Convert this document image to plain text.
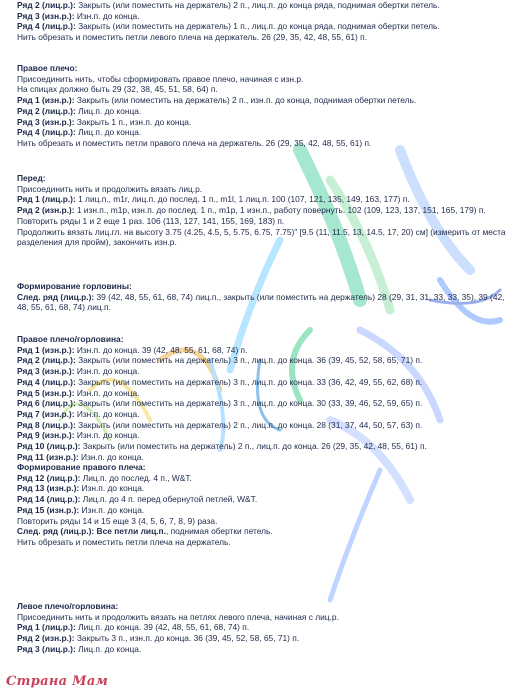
Ряд 2 (лиц.р.): Закрыть (или поместить на держатель) 2 п., лиц.п. до конца ряда, поднимая обертки петель.
Ряд 3 (изн.р.): Изн.п. до конца.
Ряд 4 (лиц.р.): Закрыть (или поместить на держатель) 1 п., лиц.п. до конца ряда, поднимая обертки петель.
Нить обрезать и поместить петли левого плеча на держатель. 26 (29, 35, 42, 48, 55, 61) п.
Правое плечо:
Присоединить нить, чтобы сформировать правое плечо, начиная с изн.р.
На спицах должно быть 29 (32, 38, 45, 51, 58, 64) п.
Ряд 1 (изн.р.): Закрыть (или поместить на держатель) 2 п., изн.п. до конца, поднимая обертки петель.
Ряд 2 (лиц.р.): Лиц.п. до конца.
Ряд 3 (изн.р.): Закрыть 1 п., изн.п. до конца.
Ряд 4 (лиц.р.): Лиц.п. до конца.
Нить обрезать и поместить петли правого плеча на держатель. 26 (29, 35, 42, 48, 55, 61) п.
Перед:
Присоединить нить и продолжить вязать лиц.р.
Ряд 1 (лиц.р.): 1 лиц.п., m1r, лиц.п. до послед. 1 п., m1l, 1 лиц.п. 100 (107, 121, 135, 149, 163, 177) п.
Ряд 2 (изн.р.): 1 изн.п., m1p, изн.п. до послед. 1 п., m1p, 1 изн.п., работу повернуть. 102 (109, 123, 137, 151, 165, 179) п.
Повторить ряды 1 и 2 еще 1 раз. 106 (113, 127, 141, 155, 169, 183) п.
Продолжить вязать лиц.гл. на высоту 3.75 (4.25, 4.5, 5, 5.75, 6.75, 7.75)" [9.5 (11, 11.5, 13, 14.5, 17, 20) см] (измерить от места разделения для пройм), закончить изн.р.
Формирование горловины:
След. ряд (лиц.р.): 39 (42, 48, 55, 61, 68, 74) лиц.п., закрыть (или поместить на держатель) 28 (29, 31, 31, 33, 33, 35), 39 (42, 48, 55, 61, 68, 74) лиц.п.
Правое плечо/горловина:
Ряд 1 (изн.р.): Изн.п. до конца. 39 (42, 48, 55, 61, 68, 74) п.
Ряд 2 (лиц.р.): Закрыть (или поместить на держатель) 3 п., лиц.п. до конца. 36 (39, 45, 52, 58, 65, 71) п.
Ряд 3 (изн.р.): Изн.п. до конца.
Ряд 4 (лиц.р.): Закрыть (или поместить на держатель) 3 п., лиц.п. до конца. 33 (36, 42, 49, 55, 62, 68) п.
Ряд 5 (изн.р.): Изн.п. до конца.
Ряд 6 (лиц.р.): Закрыть (или поместить на держатель) 3 п., лиц.п. до конца. 30 (33, 39, 46, 52, 59, 65) п.
Ряд 7 (изн.р.): Изн.п. до конца.
Ряд 8 (лиц.р.): Закрыть (или поместить на держатель) 2 п., лиц.п. до конца. 28 (31, 37, 44, 50, 57, 63) п.
Ряд 9 (изн.р.): Изн.п. до конца.
Ряд 10 (лиц.р.): Закрыть (или поместить на держатель) 2 п., лиц.п. до конца. 26 (29, 35, 42, 48, 55, 61) п.
Ряд 11 (изн.р.): Изн.п. до конца.
Формирование правого плеча:
Ряд 12 (лиц.р.): Лиц.п. до послед. 4 п., W&T.
Ряд 13 (изн.р.): Изн.п. до конца.
Ряд 14 (лиц.р.): Лиц.п. до 4 п. перед обернутой петлей, W&T.
Ряд 15 (изн.р.): Изн.п. до конца.
Повторить ряды 14 и 15 еще 3 (4, 5, 6, 7, 8, 9) раза.
След. ряд (лиц.р.): Все петли лиц.п., поднимая обертки петель.
Нить обрезать и поместить петли плеча на держатель.
Левое плечо/горловина:
Присоединить нить и продолжить вязать на петлях левого плеча, начиная с лиц.р.
Ряд 1 (лиц.р.): Лиц.п. до конца. 39 (42, 48, 55, 61, 68, 74) п.
Ряд 2 (изн.р.): Закрыть 3 п., изн.п. до конца. 36 (39, 45, 52, 58, 65, 71) п.
Ряд 3 (лиц.р.): Лиц.п. до конца.
Страна Мам
